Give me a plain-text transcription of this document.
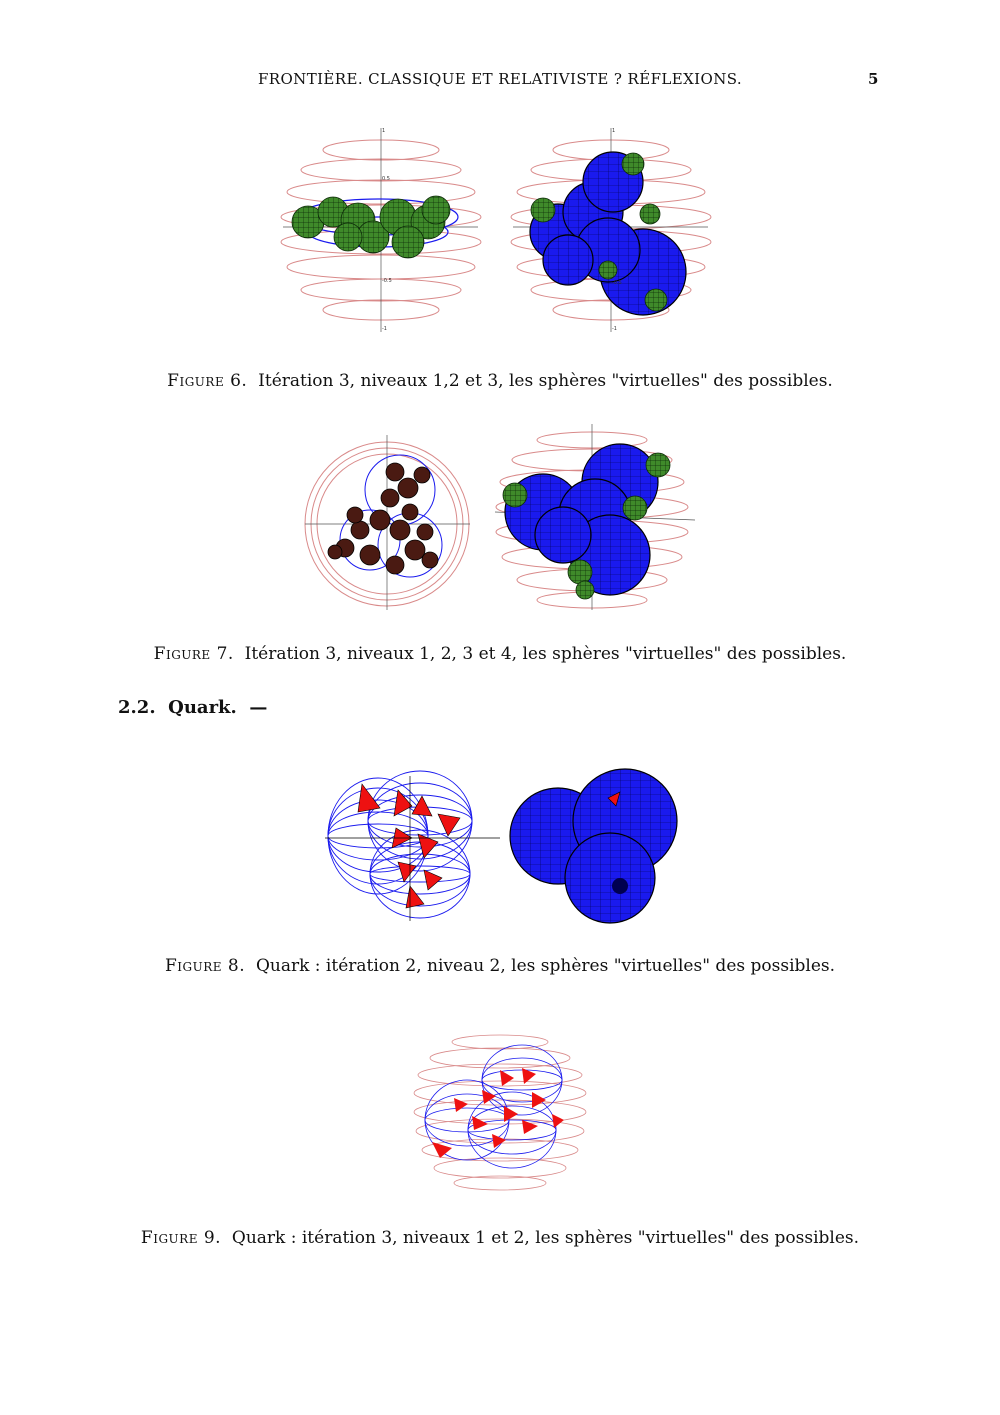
FRONTIÈRE. CLASSIQUE ET RELATIVISTE ? RÉFLEXIONS.	5
1
0.5
-0.5
-1
1
-0.5
-1
Figure 6. Itération 3, niveaux 1,2 et 3, les sphères "virtuelles" des possibles.
Figure 7. Itération 3, niveaux 1, 2, 3 et 4, les sphères "virtuelles" des possibles.
2.2. Quark. —
Figure 8. Quark : itération 2, niveau 2, les sphères "virtuelles" des possibles.
Figure 9. Quark : itération 3, niveaux 1 et 2, les sphères "virtuelles" des possibles.
